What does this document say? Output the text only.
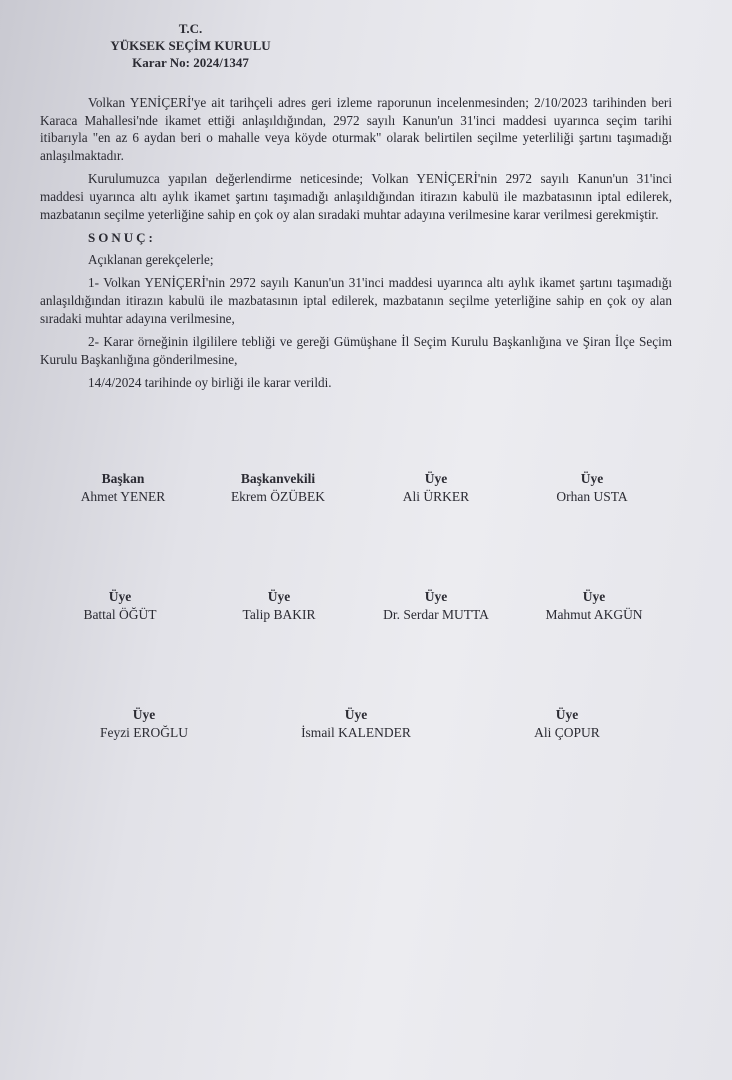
T.C.
YÜKSEK SEÇİM KURULU
Karar No: 2024/1347

Volkan YENİÇERİ'ye ait tarihçeli adres geri izleme raporunun incelenmesinden; 2/10/2023 tarihinden beri Karaca Mahallesi'nde ikamet ettiği anlaşıldığından, 2972 sayılı Kanun'un 31'inci maddesi uyarınca seçim tarihi itibarıyla "en az 6 aydan beri o mahalle veya köyde oturmak" olarak belirtilen seçilme yeterliliği şartını taşımadığı anlaşılmaktadır.

Kurulumuzca yapılan değerlendirme neticesinde; Volkan YENİÇERİ'nin 2972 sayılı Kanun'un 31'inci maddesi uyarınca altı aylık ikamet şartını taşımadığı anlaşıldığından itirazın kabulü ile mazbatasının iptal edilerek, mazbatanın seçilme yeterliğine sahip en çok oy alan sıradaki muhtar adayına verilmesine karar verilmesi gerekmiştir.

SONUÇ:

Açıklanan gerekçelerle;

1- Volkan YENİÇERİ'nin 2972 sayılı Kanun'un 31'inci maddesi uyarınca altı aylık ikamet şartını taşımadığı anlaşıldığından itirazın kabulü ile mazbatasının iptal edilerek, mazbatanın seçilme yeterliğine sahip en çok oy alan sıradaki muhtar adayına verilmesine,

2- Karar örneğinin ilgililere tebliği ve gereği Gümüşhane İl Seçim Kurulu Başkanlığına ve Şiran İlçe Seçim Kurulu Başkanlığına gönderilmesine,

14/4/2024 tarihinde oy birliği ile karar verildi.

Başkan
Ahmet YENER
Başkanvekili
Ekrem ÖZÜBEK
Üye
Ali ÜRKER
Üye
Orhan USTA
Üye
Battal ÖĞÜT
Üye
Talip BAKIR
Üye
Dr. Serdar MUTTA
Üye
Mahmut AKGÜN
Üye
Feyzi EROĞLU
Üye
İsmail KALENDER
Üye
Ali ÇOPUR
